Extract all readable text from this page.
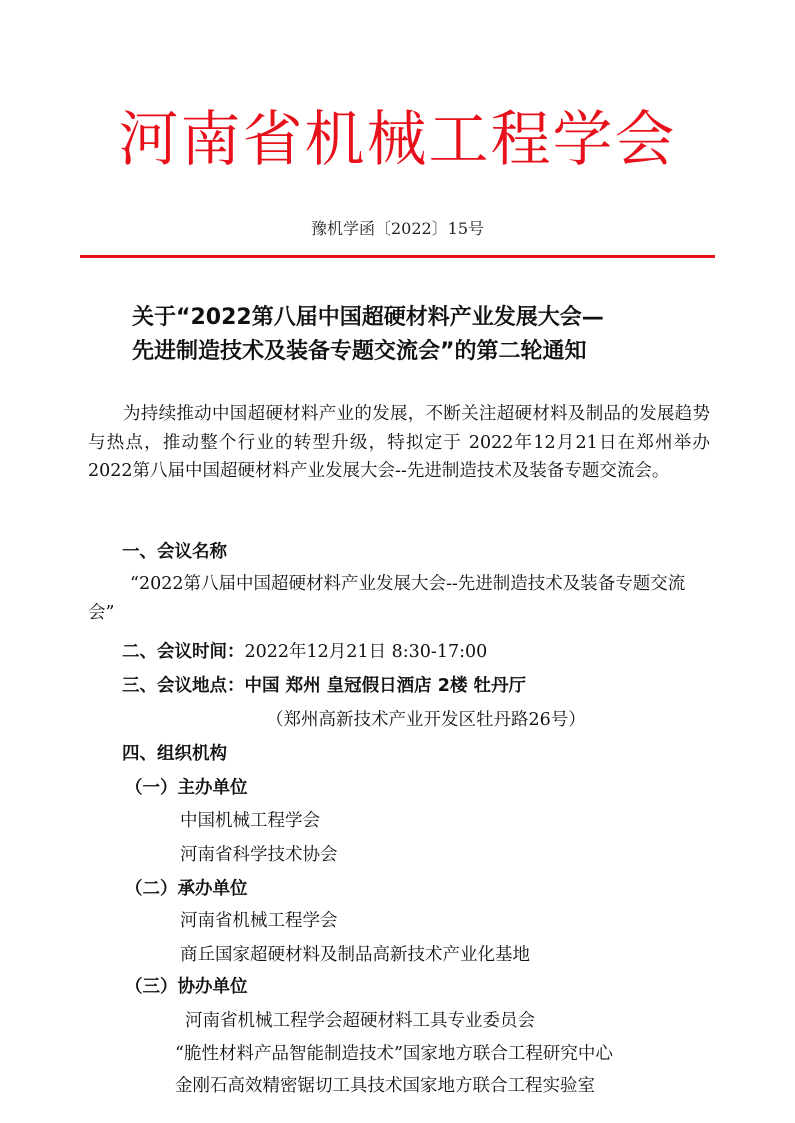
河南省机械工程学会
豫机学函〔2022〕15号
关于“2022第八届中国超硬材料产业发展大会—
先进制造技术及装备专题交流会”的第二轮通知
为持续推动中国超硬材料产业的发展，不断关注超硬材料及制品的发展趋势与热点，推动整个行业的转型升级，特拟定于 2022年12月21日在郑州举办2022第八届中国超硬材料产业发展大会--先进制造技术及装备专题交流会。
一、会议名称
“2022第八届中国超硬材料产业发展大会--先进制造技术及装备专题交流会”
二、会议时间：2022年12月21日 8:30-17:00
三、会议地点：中国 郑州 皇冠假日酒店 2楼 牡丹厅
（郑州高新技术产业开发区牡丹路26号）
四、组织机构
（一）主办单位
中国机械工程学会
河南省科学技术协会
（二）承办单位
河南省机械工程学会
商丘国家超硬材料及制品高新技术产业化基地
（三）协办单位
河南省机械工程学会超硬材料工具专业委员会
“脆性材料产品智能制造技术”国家地方联合工程研究中心
金刚石高效精密锯切工具技术国家地方联合工程实验室
